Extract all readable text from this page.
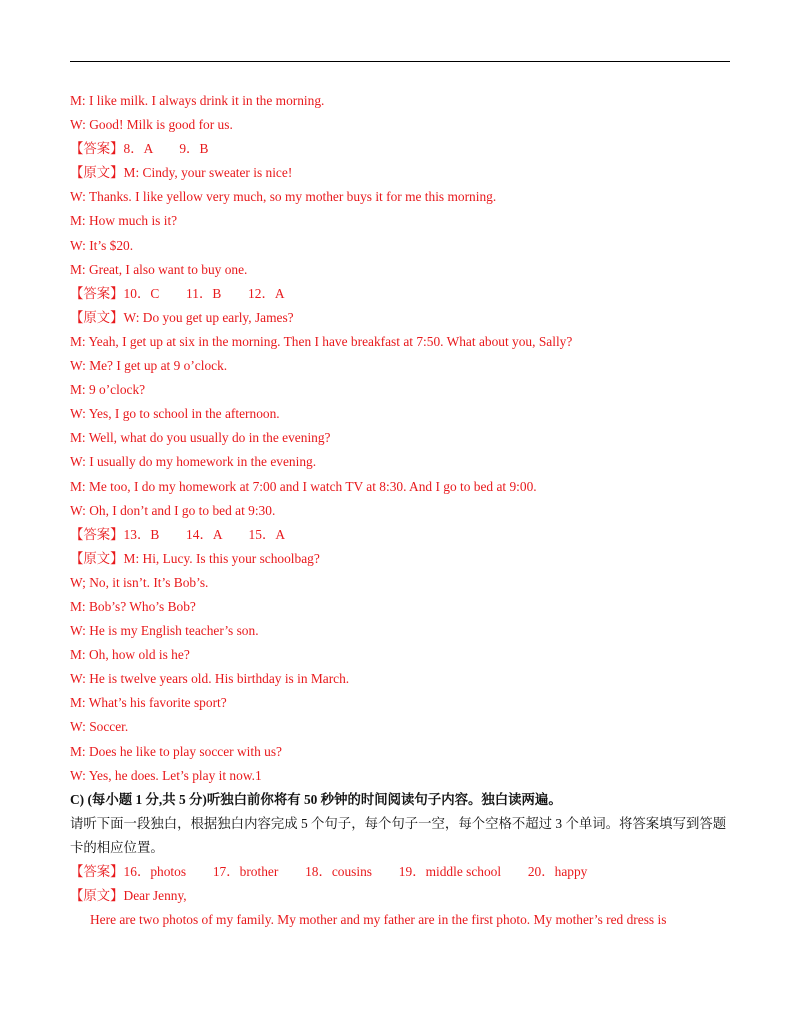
M: I like milk. I always drink it in the morning.
W: Good! Milk is good for us.
【答案】8．A　　9．B
【原文】M: Cindy, your sweater is nice!
W: Thanks. I like yellow very much, so my mother buys it for me this morning.
M: How much is it?
W: It’s $20.
M: Great, I also want to buy one.
【答案】10．C　　11．B　　12．A
【原文】W: Do you get up early, James?
M: Yeah, I get up at six in the morning. Then I have breakfast at 7:50. What about you, Sally?
W: Me? I get up at 9 o’clock.
M: 9 o’clock?
W: Yes, I go to school in the afternoon.
M: Well, what do you usually do in the evening?
W: I usually do my homework in the evening.
M: Me too, I do my homework at 7:00 and I watch TV at 8:30. And I go to bed at 9:00.
W: Oh, I don’t and I go to bed at 9:30.
【答案】13．B　　14．A　　15．A
【原文】M: Hi, Lucy. Is this your schoolbag?
W; No, it isn’t. It’s Bob’s.
M: Bob’s? Who’s Bob?
W: He is my English teacher’s son.
M: Oh, how old is he?
W: He is twelve years old. His birthday is in March.
M: What’s his favorite sport?
W: Soccer.
M: Does he like to play soccer with us?
W: Yes, he does. Let’s play it now.1
C) (每小题 1 分,共 5 分)听独白前你将有 50 秒钟的时间阅读句子内容。独白读两遍。
请听下面一段独白，根据独白内容完成 5 个句子，每个句子一空，每个空格不超过 3 个单词。将答案填写到答题卡的相应位置。
【答案】16．photos　　17．brother　　18．cousins　　19．middle school　　20．happy
【原文】Dear Jenny,
Here are two photos of my family. My mother and my father are in the first photo. My mother’s red dress is
